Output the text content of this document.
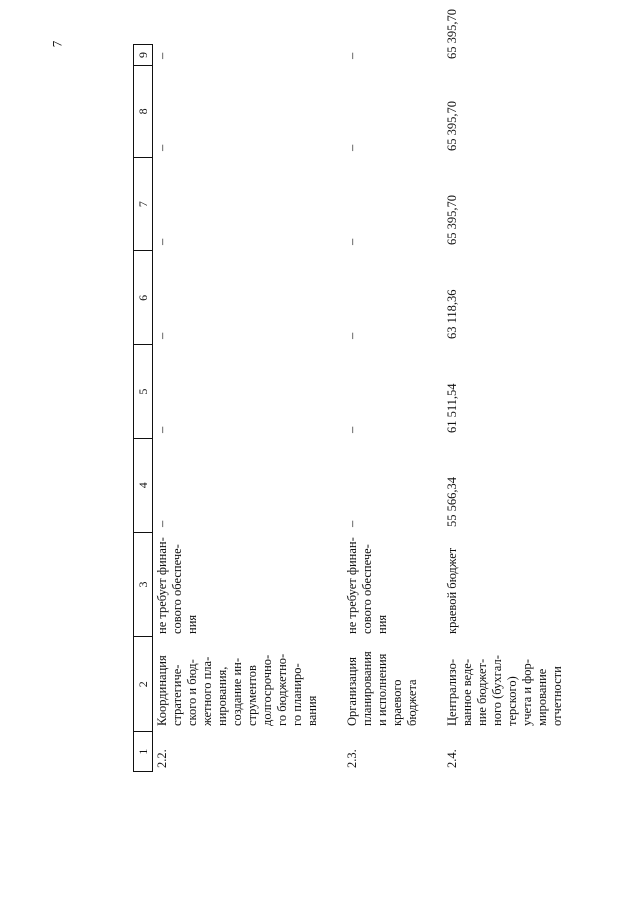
7
1
2
3
4
5
6
7
8
9
2.2.
Координация стратегиче- ского и бюд- жетного пла- нирования, создание ин- струментов долгосрочно- го бюджетно- го планиро- вания
не требует финан- сового обеспече- ния
–
–
–
–
–
–
2.3.
Организация планирования и исполнения краевого бюджета
не требует финан- сового обеспече- ния
–
–
–
–
–
–
2.4.
Централизо- ванное веде- ние бюджет- ного (бухгал- терского) учета и фор- мирование отчетности
краевой бюджет
55 566,34
61 511,54
63 118,36
65 395,70
65 395,70
65 395,70
